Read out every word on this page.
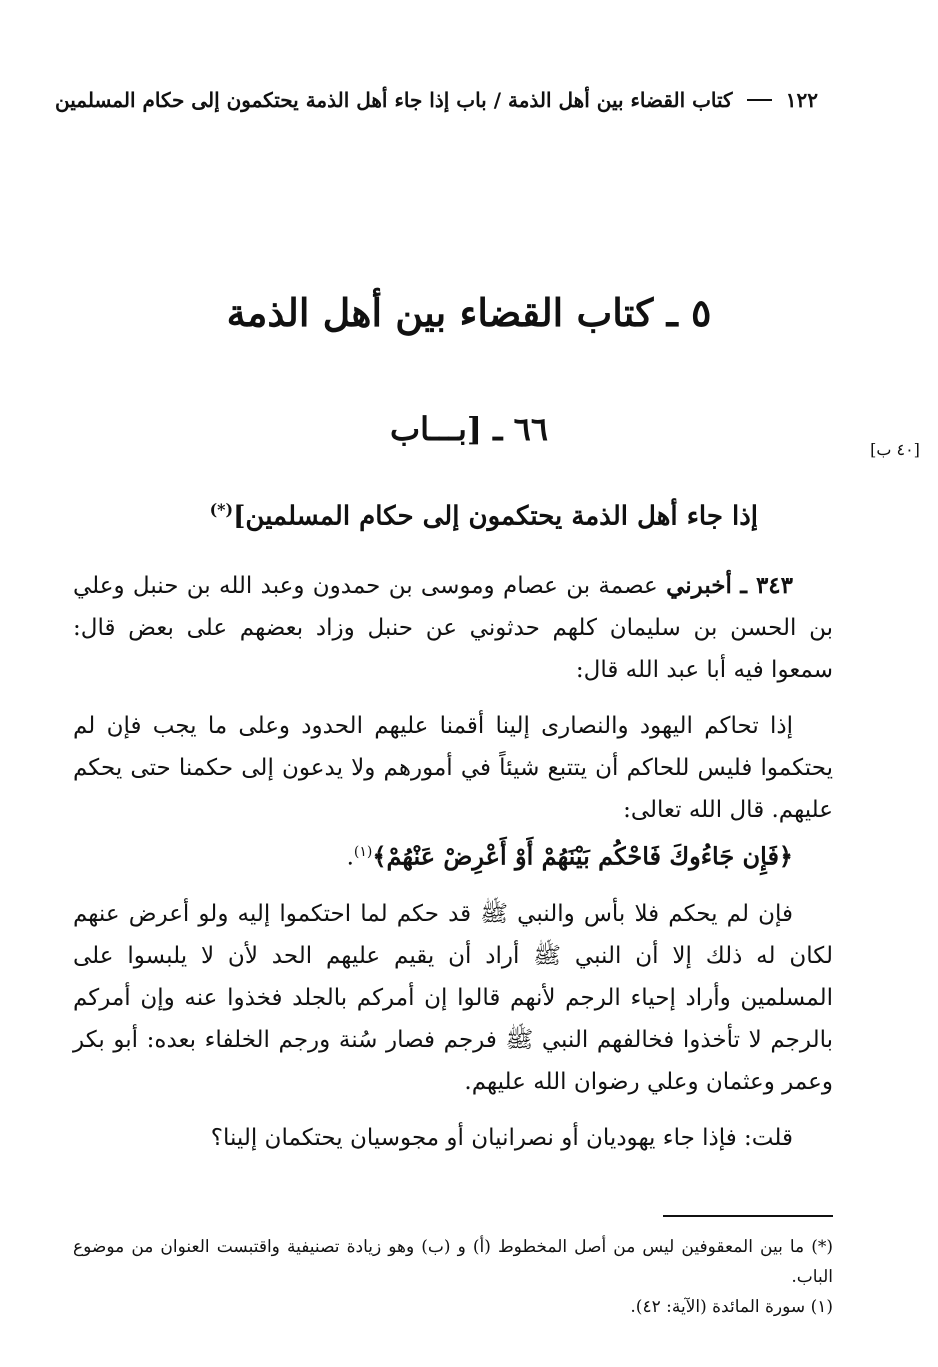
١٢٢
كتاب القضاء بين أهل الذمة / باب إذا جاء أهل الذمة يحتكمون إلى حكام المسلمين
٥ ـ كتاب القضاء بين أهل الذمة
٦٦ ـ [بـــاب
[٤٠ ب]
إذا جاء أهل الذمة يحتكمون إلى حكام المسلمين](*)

٣٤٣ ـ أخبرني عصمة بن عصام وموسى بن حمدون وعبد الله بن حنبل وعلي بن الحسن بن سليمان كلهم حدثوني عن حنبل وزاد بعضهم على بعض قال: سمعوا فيه أبا عبد الله قال:

إذا تحاكم اليهود والنصارى إلينا أقمنا عليهم الحدود وعلى ما يجب فإن لم يحتكموا فليس للحاكم أن يتتبع شيئاً في أمورهم ولا يدعون إلى حكمنا حتى يحكم عليهم. قال الله تعالى:

﴿فَإِن جَاءُوكَ فَاحْكُم بَيْنَهُمْ أَوْ أَعْرِضْ عَنْهُمْ﴾$^{(١)}$.

فإن لم يحكم فلا بأس والنبي ﷺ قد حكم لما احتكموا إليه ولو أعرض عنهم لكان له ذلك إلا أن النبي ﷺ أراد أن يقيم عليهم الحد لأن لا يلبسوا على المسلمين وأراد إحياء الرجم لأنهم قالوا إن أمركم بالجلد فخذوا عنه وإن أمركم بالرجم لا تأخذوا فخالفهم النبي ﷺ فرجم فصار سُنة ورجم الخلفاء بعده: أبو بكر وعمر وعثمان وعلي رضوان الله عليهم.

قلت: فإذا جاء يهوديان أو نصرانيان أو مجوسيان يحتكمان إلينا؟

(*) ما بين المعقوفين ليس من أصل المخطوط (أ) و (ب) وهو زيادة تصنيفية واقتبست العنوان من موضوع الباب.

(١) سورة المائدة (الآية: ٤٢).
